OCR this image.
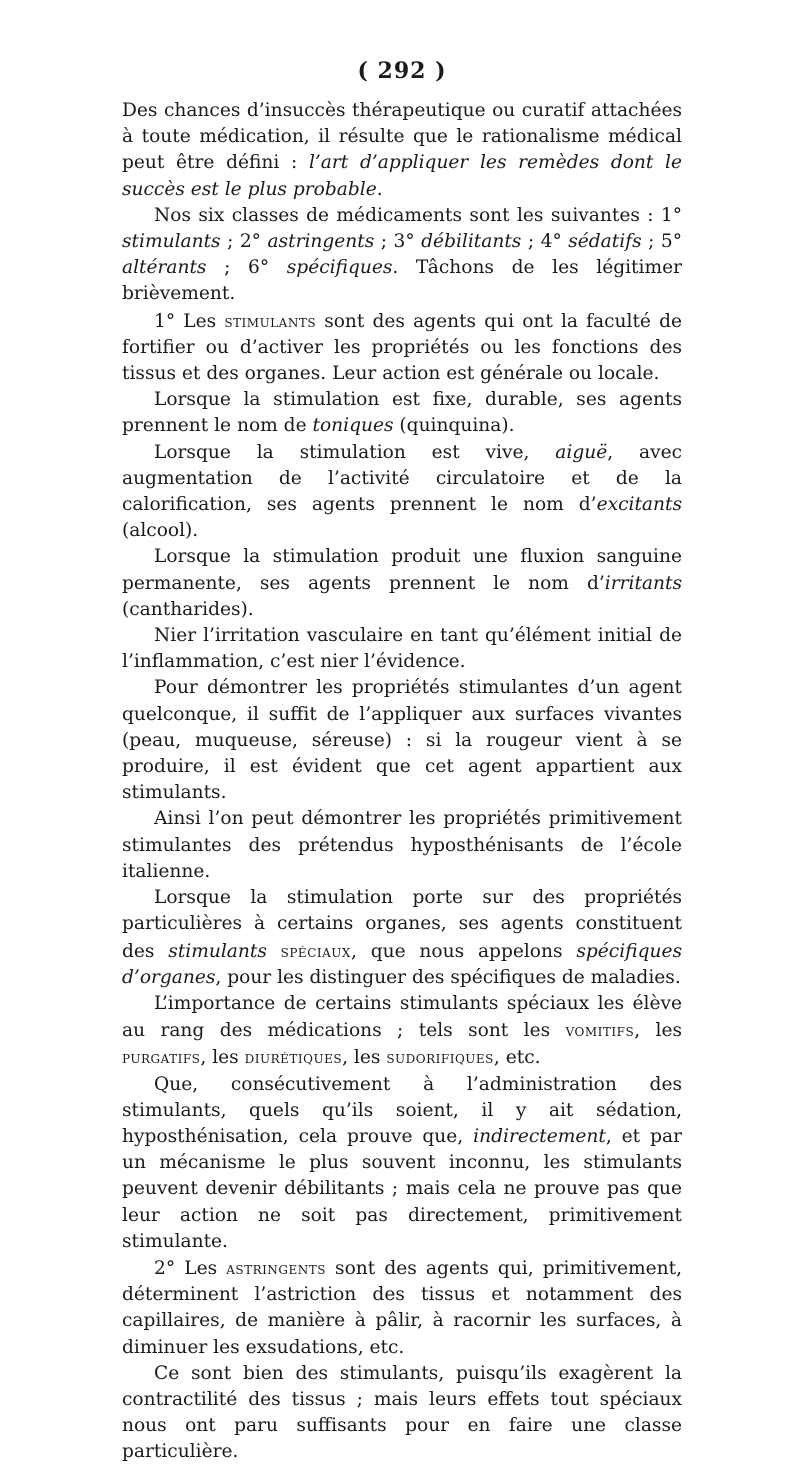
( 292 )

Des chances d’insuccès thérapeutique ou curatif attachées à toute médication, il résulte que le rationalisme médical peut être défini : l’art d’appliquer les remèdes dont le succès est le plus probable.

Nos six classes de médicaments sont les suivantes : 1° stimulants ; 2° astringents ; 3° débilitants ; 4° sédatifs ; 5° altérants ; 6° spécifiques. Tâchons de les légitimer brièvement.

1° Les stimulants sont des agents qui ont la faculté de fortifier ou d’activer les propriétés ou les fonctions des tissus et des organes. Leur action est générale ou locale.

Lorsque la stimulation est fixe, durable, ses agents prennent le nom de toniques (quinquina).

Lorsque la stimulation est vive, aiguë, avec augmentation de l’activité circulatoire et de la calorification, ses agents prennent le nom d’excitants (alcool).

Lorsque la stimulation produit une fluxion sanguine permanente, ses agents prennent le nom d’irritants (cantharides).

Nier l’irritation vasculaire en tant qu’élément initial de l’inflammation, c’est nier l’évidence.

Pour démontrer les propriétés stimulantes d’un agent quelconque, il suffit de l’appliquer aux surfaces vivantes (peau, muqueuse, séreuse) : si la rougeur vient à se produire, il est évident que cet agent appartient aux stimulants.

Ainsi l’on peut démontrer les propriétés primitivement stimulantes des prétendus hyposthénisants de l’école italienne.

Lorsque la stimulation porte sur des propriétés particulières à certains organes, ses agents constituent des stimulants spéciaux, que nous appelons spécifiques d’organes, pour les distinguer des spécifiques de maladies.

L’importance de certains stimulants spéciaux les élève au rang des médications ; tels sont les vomitifs, les purgatifs, les diurétiques, les sudorifiques, etc.

Que, consécutivement à l’administration des stimulants, quels qu’ils soient, il y ait sédation, hyposthénisation, cela prouve que, indirectement, et par un mécanisme le plus souvent inconnu, les stimulants peuvent devenir débilitants ; mais cela ne prouve pas que leur action ne soit pas directement, primitivement stimulante.

2° Les astringents sont des agents qui, primitivement, déterminent l’astriction des tissus et notamment des capillaires, de manière à pâlir, à racornir les surfaces, à diminuer les exsudations, etc.

Ce sont bien des stimulants, puisqu’ils exagèrent la contractilité des tissus ; mais leurs effets tout spéciaux nous ont paru suffisants pour en faire une classe particulière.
